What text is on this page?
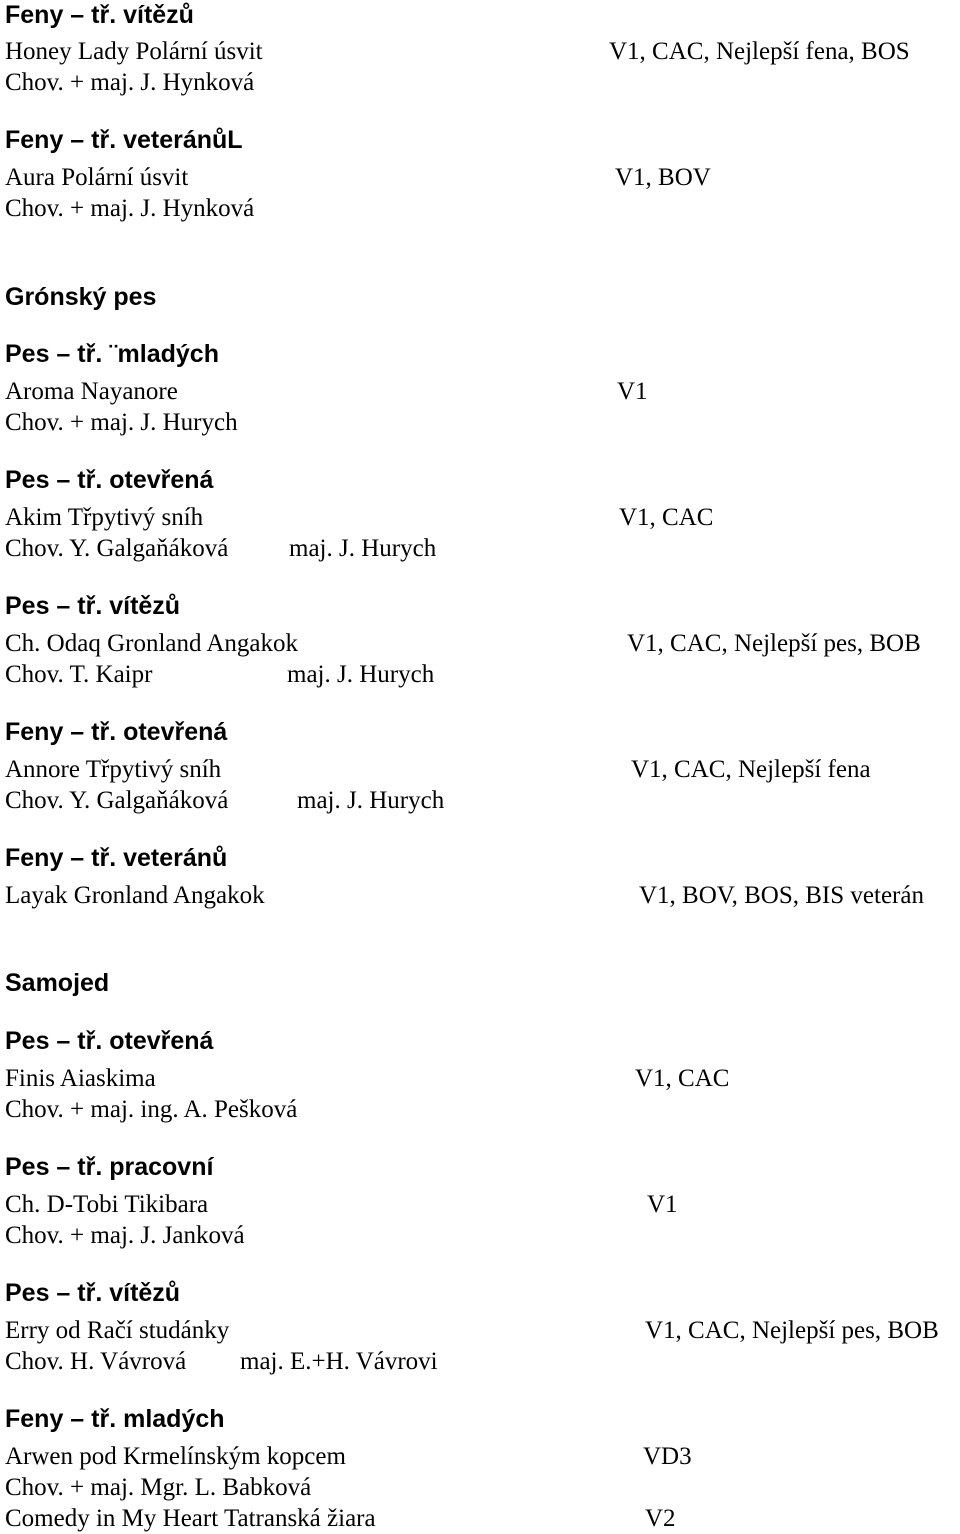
Feny – tř. vítězů
Honey Lady Polární úsvit	V1, CAC, Nejlepší fena, BOS
Chov. + maj. J. Hynková
Feny – tř. veteránůL
Aura Polární úsvit	V1, BOV
Chov. + maj. J. Hynková
Grónský pes
Pes – tř. ¨mladých
Aroma Nayanore	V1
Chov. + maj. J. Hurych
Pes – tř. otevřená
Akim Třpytivý sníh	V1, CAC
Chov. Y. Galgaňáková maj. J. Hurych
Pes – tř. vítězů
Ch. Odaq Gronland Angakok	V1, CAC, Nejlepší pes, BOB
Chov. T. Kaipr	maj. J. Hurych
Feny – tř. otevřená
Annore Třpytivý sníh	V1, CAC, Nejlepší fena
Chov. Y. Galgaňáková	maj. J. Hurych
Feny – tř. veteránů
Layak Gronland Angakok	V1, BOV, BOS, BIS veterán
Samojed
Pes – tř. otevřená
Finis Aiaskima	V1, CAC
Chov. + maj. ing. A. Pešková
Pes – tř. pracovní
Ch. D-Tobi Tikibara	V1
Chov. + maj. J. Janková
Pes – tř. vítězů
Erry od Račí studánky	V1, CAC, Nejlepší pes, BOB
Chov. H. Vávrová maj. E.+H. Vávrovi
Feny – tř. mladých
Arwen pod Krmelínským kopcem	VD3
Chov. + maj. Mgr. L. Babková
Comedy in My Heart Tatranská žiara	V2
